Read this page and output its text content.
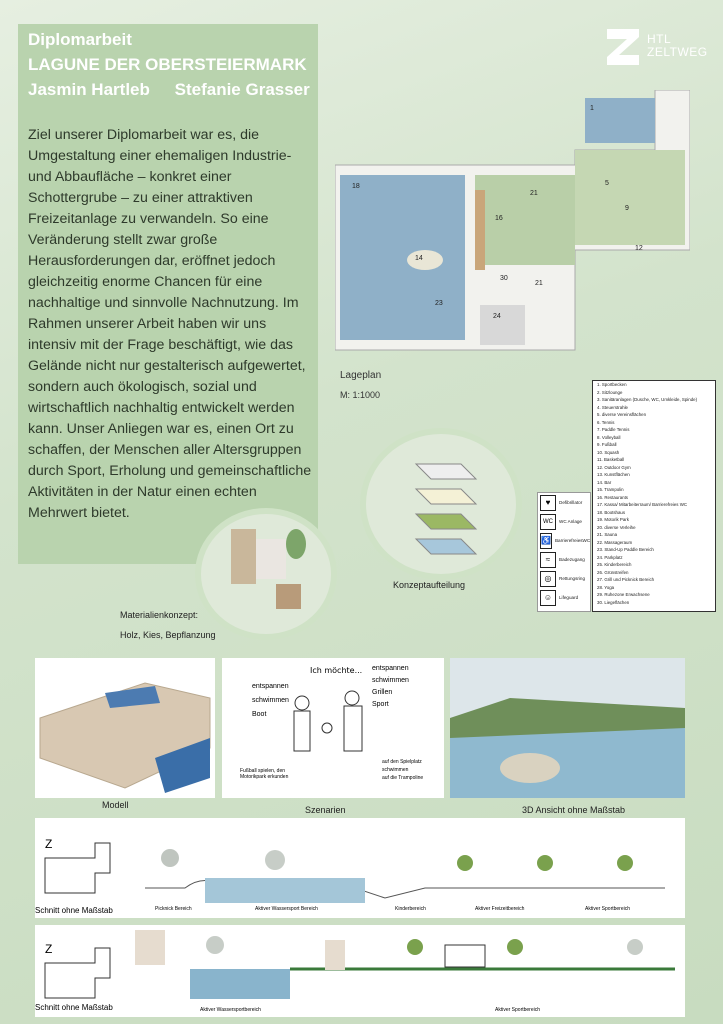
Diplomarbeit
LAGUNE DER OBERSTEIERMARK
Jasmin Hartleb Stefanie Grasser
Ziel unserer Diplomarbeit war es, die Umgestaltung einer ehemaligen Industrie- und Abbaufläche – konkret einer Schottergrube – zu einer attraktiven Freizeitanlage zu verwandeln. So eine Veränderung stellt zwar große Herausforderungen dar, eröffnet jedoch gleichzeitig enorme Chancen für eine nachhaltige und sinnvolle Nachnutzung. Im Rahmen unserer Arbeit haben wir uns intensiv mit der Frage beschäftigt, wie das Gelände nicht nur gestalterisch aufgewertet, sondern auch ökologisch, sozial und wirtschaftlich nachhaltig entwickelt werden kann. Unser Anliegen war es, einen Ort zu schaffen, der Menschen aller Altersgruppen durch Sport, Erholung und gemeinschaftliche Aktivitäten in der Natur einen echten Mehrwert bietet.
HTL
ZELTWEG
18
1
16
21
9
12
14
23
30
21
24
5
Lageplan
M: 1:1000
Konzeptaufteilung
Materialienkonzept:
Holz, Kies, Bepflanzung
♥	Defibrillator
WC	WC Anlage
♿ BarrierefreiesWC
≈	Badezugang
◎	Rettungsring
☺	Lifeguard
1. Sportbecken
2. Sitzlounge
3. Sanitäranlagen (Dusche, WC, Umkleide, Spinde)
4. Steuerstrahle
5. diverse Vereinsflächen
6. Tennis
7. Paddle Tennis
8. Volleyball
9. Fußball
10. Squash
11. Basketball
12. Outdoor Gym
13. Kunstflächen
14. Bar
15. Trampolin
16. Restaurants
17. Kassa/ Mitarbeiterraum/ Barrierefreies WC
18. Bootshaus
19. Motorik Park
20. diverse Verleihe
21. Sauna
22. Massageraum
23. Stand-Up Paddle Bereich
24. Parkplatz
25. Kinderbereich
26. Grünstreifen
27. Grill und Picknick Bereich
28. Yoga
29. Ruhezone Erwachsene
30. Liegeflächen
Ich möchte...
entspannen
schwimmen
Boot
entspannen
schwimmen
Grillen
Sport
Fußball spielen, den Motorikpark erkunden
auf den Spielplatz
schwimmen
auf die Trampoline
Modell	Szenarien	3D Ansicht ohne Maßstab
Z
Schnitt ohne Maßstab	Picknick Bereich	Aktiver Wassersport Bereich	Kinderbereich	Aktiver Freizeitbereich	Aktiver Sportbereich
Z
Schnitt ohne Maßstab	Aktiver Wassersportbereich	Aktiver Sportbereich
